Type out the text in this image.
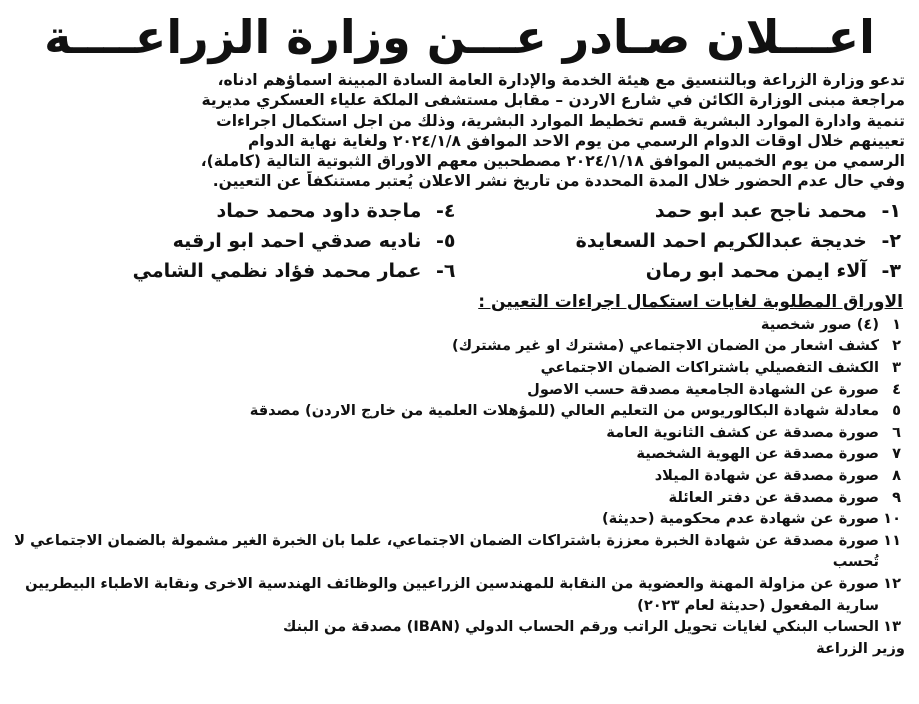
اعـــلان صـادر عـــن وزارة الزراعــــة

تدعو وزارة الزراعة وبالتنسيق مع هيئة الخدمة والإدارة العامة السادة المبينة اسماؤهم ادناه،

مراجعة مبنى الوزارة الكائن في شارع الاردن – مقابل مستشفى الملكة علياء العسكري مديرية

تنمية وادارة الموارد البشرية قسم تخطيط الموارد البشرية، وذلك من اجل استكمال اجراءات

تعيينهم خلال اوقات الدوام الرسمي من يوم الاحد الموافق ٢٠٢٤/١/٨ ولغاية نهاية الدوام

الرسمي من يوم الخميس الموافق ٢٠٢٤/١/١٨ مصطحبين معهم الاوراق الثبوتية التالية (كاملة)،

وفي حال عدم الحضور خلال المدة المحددة من تاريخ نشر الاعلان يُعتبر مستنكفاً عن التعيين.

١- محمد ناجح عبد ابو حمد
٤- ماجدة داود محمد حماد
٢- خديجة عبدالكريم احمد السعايدة
٥- ناديه صدقي احمد ابو ارقيه
٣- آلاء ايمن محمد ابو رمان
٦- عمار محمد فؤاد نظمي الشامي
الاوراق المطلوبة لغايات استكمال اجراءات التعيين :
١
(٤) صور شخصية
٢
كشف اشعار من الضمان الاجتماعي (مشترك او غير مشترك)
٣
الكشف التفصيلي باشتراكات الضمان الاجتماعي
٤
صورة عن الشهادة الجامعية مصدقة حسب الاصول
٥
معادلة شهادة البكالوريوس من التعليم العالي (للمؤهلات العلمية من خارج الاردن) مصدقة
٦
صورة مصدقة عن كشف الثانوية العامة
٧
صورة مصدقة عن الهوية الشخصية
٨
صورة مصدقة عن شهادة الميلاد
٩
صورة مصدقة عن دفتر العائلة
١٠
صورة عن شهادة عدم محكومية (حديثة)
١١
صورة مصدقة عن شهادة الخبرة معززة باشتراكات الضمان الاجتماعي، علما بان الخبرة الغير مشمولة بالضمان الاجتماعي لا تُحسب
١٢
صورة عن مزاولة المهنة والعضوية من النقابة للمهندسين الزراعيين والوظائف الهندسية الاخرى ونقابة الاطباء البيطريين سارية المفعول (حديثة لعام ٢٠٢٣)
١٣
الحساب البنكي لغايات تحويل الراتب ورقم الحساب الدولي (IBAN) مصدقة من البنك
وزير الزراعة
